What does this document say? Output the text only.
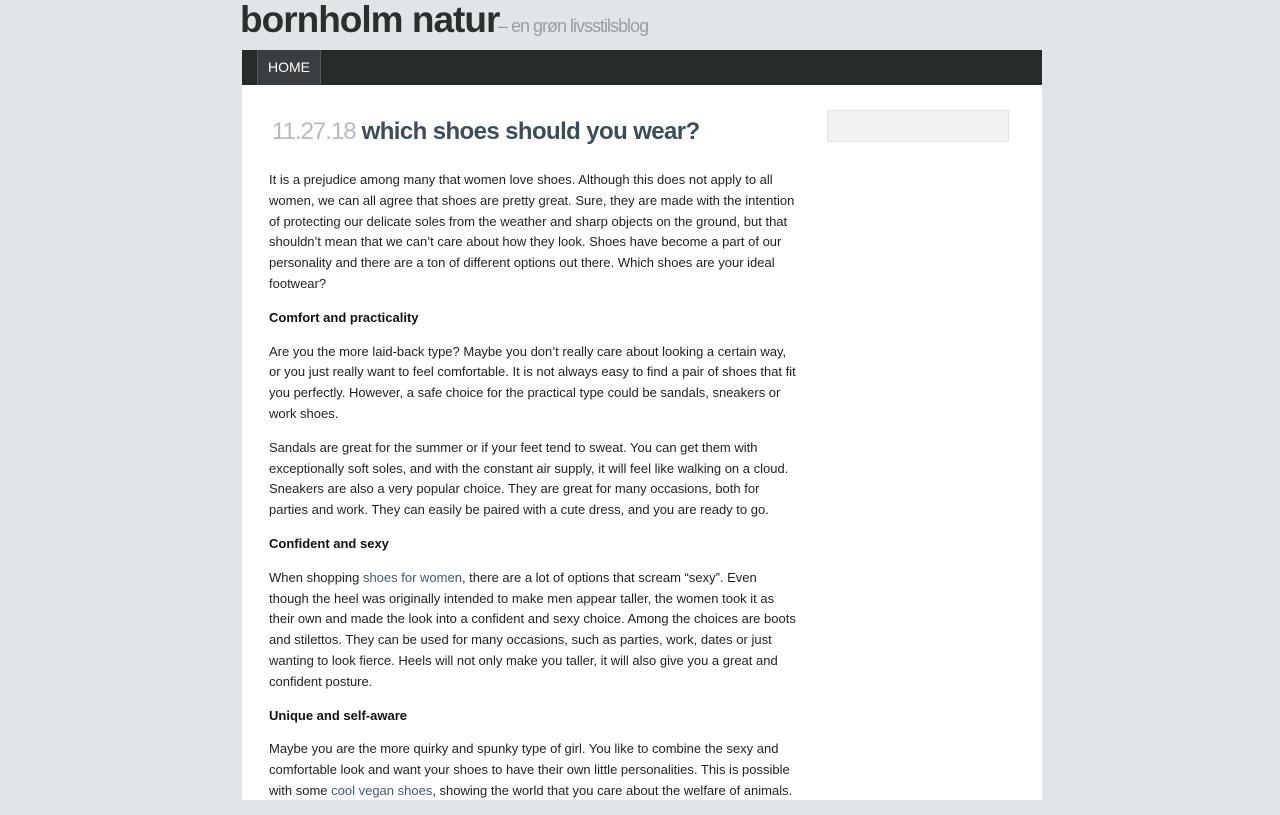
bornholm natur
– en grøn livsstilsblog
HOME
11.27.18 which shoes should you wear?

It is a prejudice among many that women love shoes. Although this does not apply to all women, we can all agree that shoes are pretty great. Sure, they are made with the intention of protecting our delicate soles from the weather and sharp objects on the ground, but that shouldn’t mean that we can’t care about how they look. Shoes have become a part of our personality and there are a ton of different options out there. Which shoes are your ideal footwear?

Comfort and practicality

Are you the more laid-back type? Maybe you don’t really care about looking a certain way, or you just really want to feel comfortable. It is not always easy to find a pair of shoes that fit you perfectly. However, a safe choice for the practical type could be sandals, sneakers or work shoes.

Sandals are great for the summer or if your feet tend to sweat. You can get them with exceptionally soft soles, and with the constant air supply, it will feel like walking on a cloud. Sneakers are also a very popular choice. They are great for many occasions, both for parties and work. They can easily be paired with a cute dress, and you are ready to go.

Confident and sexy

When shopping shoes for women, there are a lot of options that scream “sexy”. Even though the heel was originally intended to make men appear taller, the women took it as their own and made the look into a confident and sexy choice. Among the choices are boots and stilettos. They can be used for many occasions, such as parties, work, dates or just wanting to look fierce. Heels will not only make you taller, it will also give you a great and confident posture.

Unique and self-aware

Maybe you are the more quirky and spunky type of girl. You like to combine the sexy and comfortable look and want your shoes to have their own little personalities. This is possible with some cool vegan shoes, showing the world that you care about the welfare of animals.
